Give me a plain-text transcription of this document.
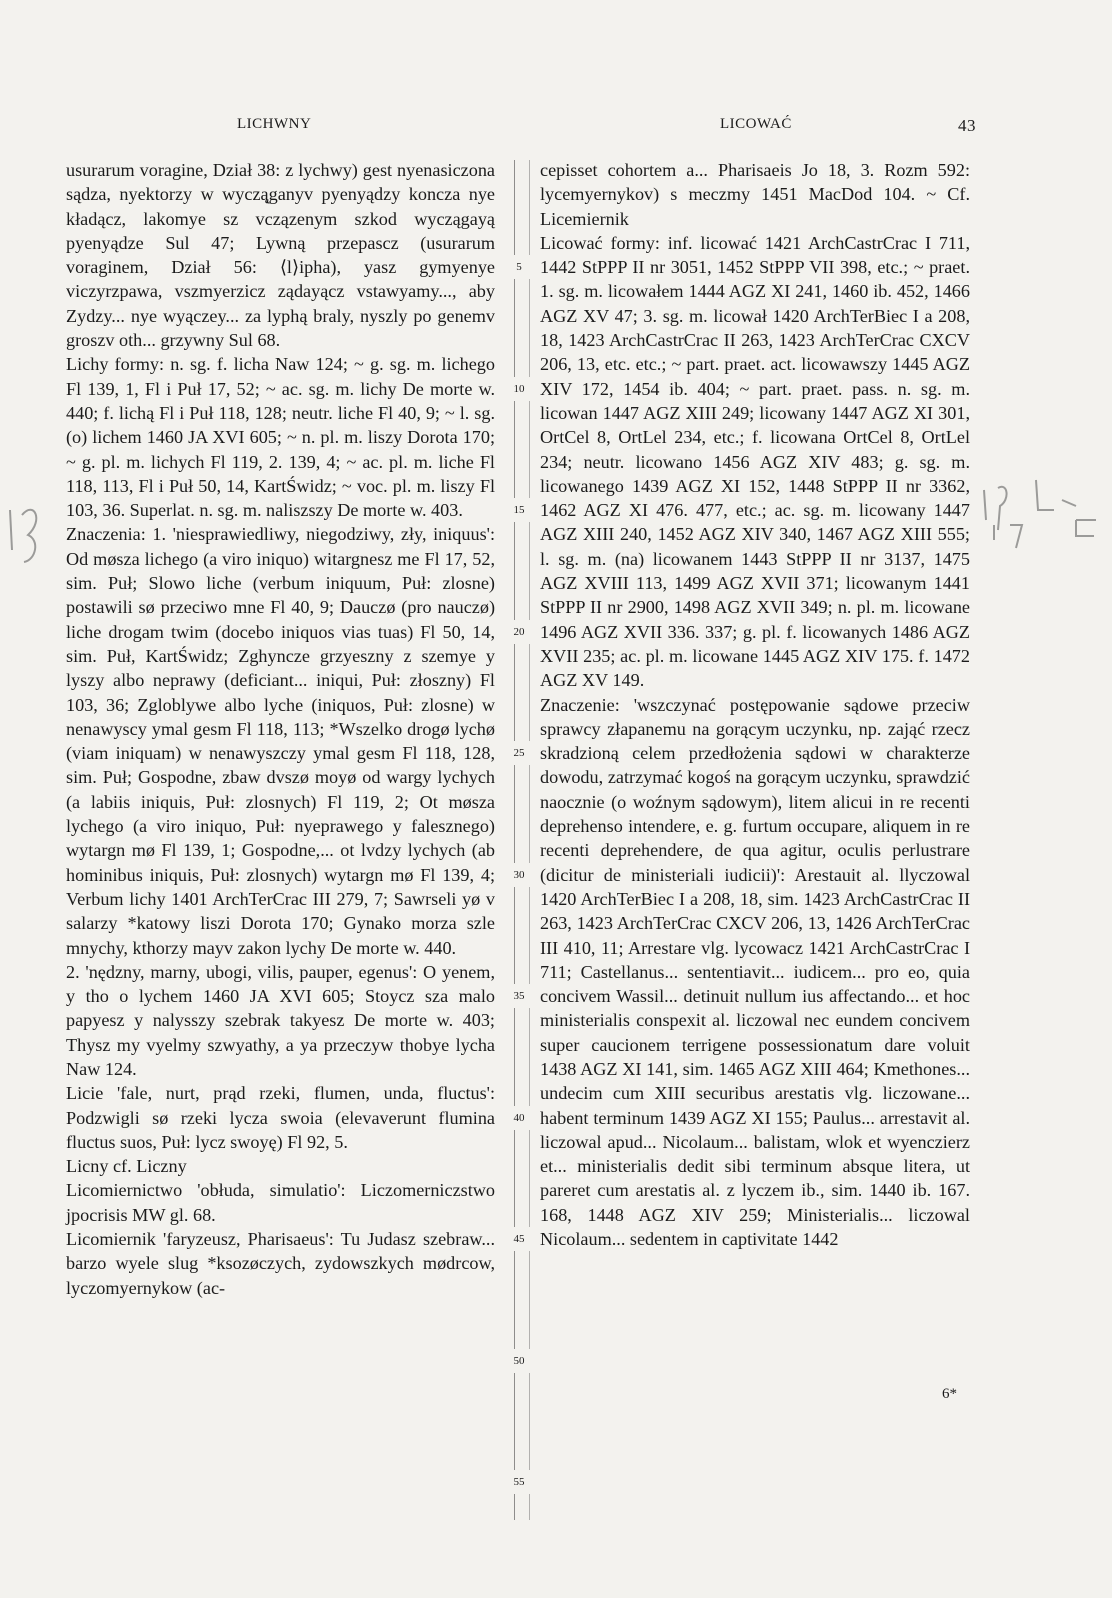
LICHWNY	LICOWAĆ	43

usurarum voragine, Dział 38: z lychwy) gest nyenasiczona sądza, nyektorzy w wyczą̨ganyv pyenyądzy koncza nye kładącz, lakomye sz vczązenym szkod wyczągayą pyenyądze Sul 47; Lywną przepascz (usurarum voraginem, Dział 56: ⟨l⟩ipha), yasz gymyenye viczyrzpawa, vszmyerzicz ządayącz vstawyamy..., aby Zydzy... nye wyączey... za lyphą braly, nyszly po genemv groszv oth... grzywny Sul 68.

Lichy formy: n. sg. f. licha Naw 124; ~ g. sg. m. lichego Fl 139, 1, Fl i Puł 17, 52; ~ ac. sg. m. lichy De morte w. 440; f. lichą Fl i Puł 118, 128; neutr. liche Fl 40, 9; ~ l. sg. (o) lichem 1460 JA XVI 605; ~ n. pl. m. liszy Dorota 170; ~ g. pl. m. lichych Fl 119, 2. 139, 4; ~ ac. pl. m. liche Fl 118, 113, Fl i Puł 50, 14, KartŚwidz; ~ voc. pl. m. liszy Fl 103, 36. Superlat. n. sg. m. naliszszy De morte w. 403.

Znaczenia: 1. 'niesprawiedliwy, niegodziwy, zły, iniquus': Od møsza lichego (a viro iniquo) witargnesz me Fl 17, 52, sim. Puł; Slowo liche (verbum iniquum, Puł: zlosne) postawili sø przeciwo mne Fl 40, 9; Dauczø (pro nauczø) liche drogam twim (docebo iniquos vias tuas) Fl 50, 14, sim. Puł, KartŚwidz; Zghyncze grzyeszny z szemye y lyszy albo neprawy (deficiant... iniqui, Puł: złoszny) Fl 103, 36; Zgloblywe albo lyche (iniquos, Puł: zlosne) w nenawyscy ymal gesm Fl 118, 113; *Wszelko drogø lychø (viam iniquam) w nenawyszczy ymal gesm Fl 118, 128, sim. Puł; Gospodne, zbaw dvszø moyø od wargy lychych (a labiis iniquis, Puł: zlosnych) Fl 119, 2; Ot møsza lychego (a viro iniquo, Puł: nyeprawego y falesznego) wytargn mø Fl 139, 1; Gospodne,... ot lvdzy lychych (ab hominibus iniquis, Puł: zlosnych) wytargn mø Fl 139, 4; Verbum lichy 1401 ArchTerCrac III 279, 7; Sawrseli yø v salarzy *katowy liszi Dorota 170; Gynako morza szle mnychy, kthorzy mayv zakon lychy De morte w. 440.

2. 'nędzny, marny, ubogi, vilis, pauper, egenus': O yenem, y tho o lychem 1460 JA XVI 605; Stoycz sza malo papyesz y nalysszy szebrak takyesz De morte w. 403; Thysz my vyelmy szwyathy, a ya przeczyw thobye lycha Naw 124.

Licie 'fale, nurt, prąd rzeki, flumen, unda, fluctus': Podzwigli sø rzeki lycza swoia (elevaverunt flumina fluctus suos, Puł: lycz swoyę) Fl 92, 5.

Licny cf. Liczny

Licomiernictwo 'obłuda, simulatio': Liczomerniczstwo jpocrisis MW gl. 68.

Licomiernik 'faryzeusz, Pharisaeus': Tu Judasz szebraw... barzo wyele slug *ksozøczych, zydowszkych mødrcow, lyczomyernykow (ac-

5
10
15
20
25
30
35
40
45
50
55

cepisset cohortem a... Pharisaeis Jo 18, 3. Rozm 592: lycemyernykov) s meczmy 1451 MacDod 104. ~ Cf. Licemiernik

Licować formy: inf. licować 1421 ArchCastrCrac I 711, 1442 StPPP II nr 3051, 1452 StPPP VII 398, etc.; ~ praet. 1. sg. m. licowałem 1444 AGZ XI 241, 1460 ib. 452, 1466 AGZ XV 47; 3. sg. m. licował 1420 ArchTerBiec I a 208, 18, 1423 ArchCastrCrac II 263, 1423 ArchTerCrac CXCV 206, 13, etc. etc.; ~ part. praet. act. licowawszy 1445 AGZ XIV 172, 1454 ib. 404; ~ part. praet. pass. n. sg. m. licowan 1447 AGZ XIII 249; licowany 1447 AGZ XI 301, OrtCel 8, OrtLel 234, etc.; f. licowana OrtCel 8, OrtLel 234; neutr. licowano 1456 AGZ XIV 483; g. sg. m. licowanego 1439 AGZ XI 152, 1448 StPPP II nr 3362, 1462 AGZ XI 476. 477, etc.; ac. sg. m. licowany 1447 AGZ XIII 240, 1452 AGZ XIV 340, 1467 AGZ XIII 555; l. sg. m. (na) licowanem 1443 StPPP II nr 3137, 1475 AGZ XVIII 113, 1499 AGZ XVII 371; licowanym 1441 StPPP II nr 2900, 1498 AGZ XVII 349; n. pl. m. licowane 1496 AGZ XVII 336. 337; g. pl. f. licowanych 1486 AGZ XVII 235; ac. pl. m. licowane 1445 AGZ XIV 175. f. 1472 AGZ XV 149.

Znaczenie: 'wszczynać postępowanie sądowe przeciw sprawcy złapanemu na gorącym uczynku, np. zająć rzecz skradzioną celem przedłożenia sądowi w charakterze dowodu, zatrzymać kogoś na gorącym uczynku, sprawdzić naocznie (o woźnym sądowym), litem alicui in re recenti deprehenso intendere, e. g. furtum occupare, aliquem in re recenti deprehendere, de qua agitur, oculis perlustrare (dicitur de ministeriali iudicii)': Arestauit al. llyczowal 1420 ArchTerBiec I a 208, 18, sim. 1423 ArchCastrCrac II 263, 1423 ArchTerCrac CXCV 206, 13, 1426 ArchTerCrac III 410, 11; Arrestare vlg. lycowacz 1421 ArchCastrCrac I 711; Castellanus... sententiavit... iudicem... pro eo, quia concivem Wassil... detinuit nullum ius affectando... et hoc ministerialis conspexit al. liczowal nec eundem concivem super caucionem terrigene possessionatum dare voluit 1438 AGZ XI 141, sim. 1465 AGZ XIII 464; Kmethones... undecim cum XIII securibus arestatis vlg. liczowane... habent terminum 1439 AGZ XI 155; Paulus... arrestavit al. liczowal apud... Nicolaum... balistam, wlok et wyenczierz et... ministerialis dedit sibi terminum absque litera, ut pareret cum arestatis al. z lyczem ib., sim. 1440 ib. 167. 168, 1448 AGZ XIV 259; Ministerialis... liczowal Nicolaum... sedentem in captivitate 1442

6*
